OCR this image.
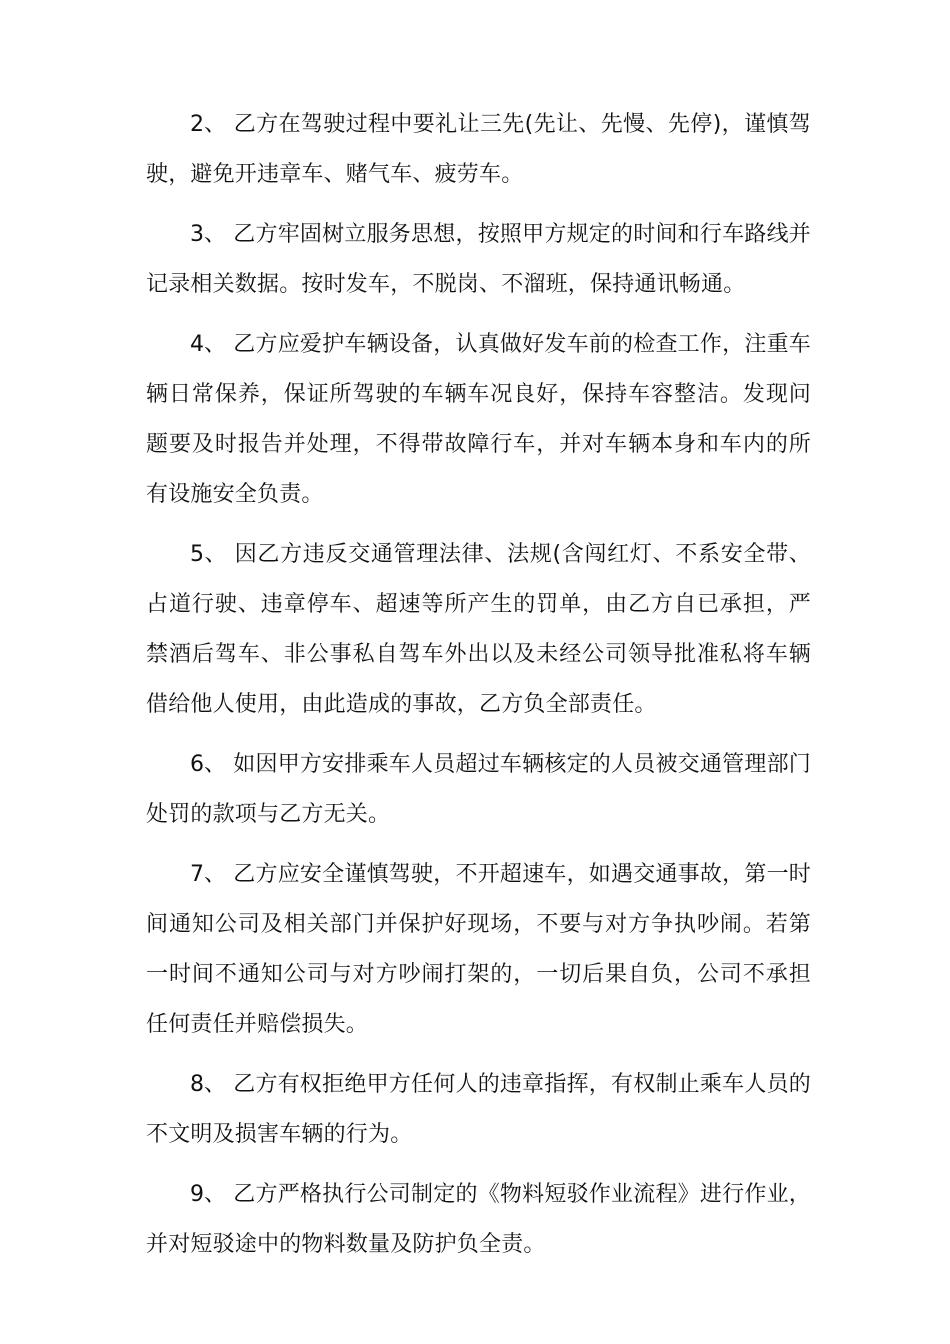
2、 乙方在驾驶过程中要礼让三先(先让、先慢、先停)，谨慎驾驶，避免开违章车、赌气车、疲劳车。

3、 乙方牢固树立服务思想，按照甲方规定的时间和行车路线并记录相关数据。按时发车，不脱岗、不溜班，保持通讯畅通。

4、 乙方应爱护车辆设备，认真做好发车前的检查工作，注重车辆日常保养，保证所驾驶的车辆车况良好，保持车容整洁。发现问题要及时报告并处理，不得带故障行车，并对车辆本身和车内的所有设施安全负责。

5、 因乙方违反交通管理法律、法规(含闯红灯、不系安全带、占道行驶、违章停车、超速等所产生的罚单，由乙方自已承担，严禁酒后驾车、非公事私自驾车外出以及未经公司领导批准私将车辆借给他人使用，由此造成的事故，乙方负全部责任。

6、 如因甲方安排乘车人员超过车辆核定的人员被交通管理部门处罚的款项与乙方无关。

7、 乙方应安全谨慎驾驶，不开超速车，如遇交通事故，第一时间通知公司及相关部门并保护好现场，不要与对方争执吵闹。若第一时间不通知公司与对方吵闹打架的，一切后果自负，公司不承担任何责任并赔偿损失。

8、 乙方有权拒绝甲方任何人的违章指挥，有权制止乘车人员的不文明及损害车辆的行为。

9、 乙方严格执行公司制定的《物料短驳作业流程》进行作业，并对短驳途中的物料数量及防护负全责。
